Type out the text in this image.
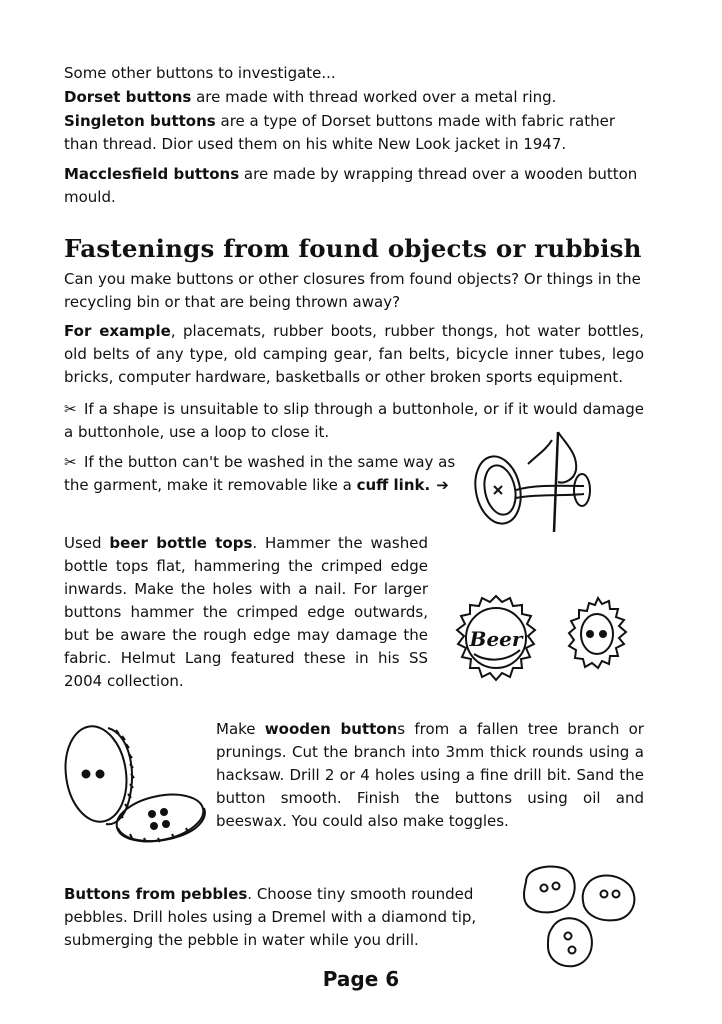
Some other buttons to investigate...

Dorset buttons are made with thread worked over a metal ring.

Singleton buttons are a type of Dorset buttons made with fabric rather than thread. Dior used them on his white New Look jacket in 1947.

Macclesfield buttons are made by wrapping thread over a wooden button mould.

Fastenings from found objects or rubbish

Can you make buttons or other closures from found objects? Or things in the recycling bin or that are being thrown away?

For example, placemats, rubber boots, rubber thongs, hot water bottles, old belts of any type, old camping gear, fan belts, bicycle inner tubes, lego bricks, computer hardware, basketballs or other broken sports equipment.

✂ If a shape is unsuitable to slip through a buttonhole, or if it would damage a buttonhole, use a loop to close it.

✂ If the button can't be washed in the same way as the garment, make it removable like a cuff link. ➔

Used beer bottle tops. Hammer the washed bottle tops flat, hammering the crimped edge inwards. Make the holes with a nail. For larger buttons hammer the crimped edge outwards, but be aware the rough edge may damage the fabric. Helmut Lang featured these in his SS 2004 collection.

Beer

Make wooden buttons from a fallen tree branch or prunings. Cut the branch into 3mm thick rounds using a hacksaw. Drill 2 or 4 holes using a fine drill bit. Sand the button smooth. Finish the buttons using oil and beeswax. You could also make toggles.

Buttons from pebbles. Choose tiny smooth rounded pebbles. Drill holes using a Dremel with a diamond tip, submerging the pebble in water while you drill.

Page 6
